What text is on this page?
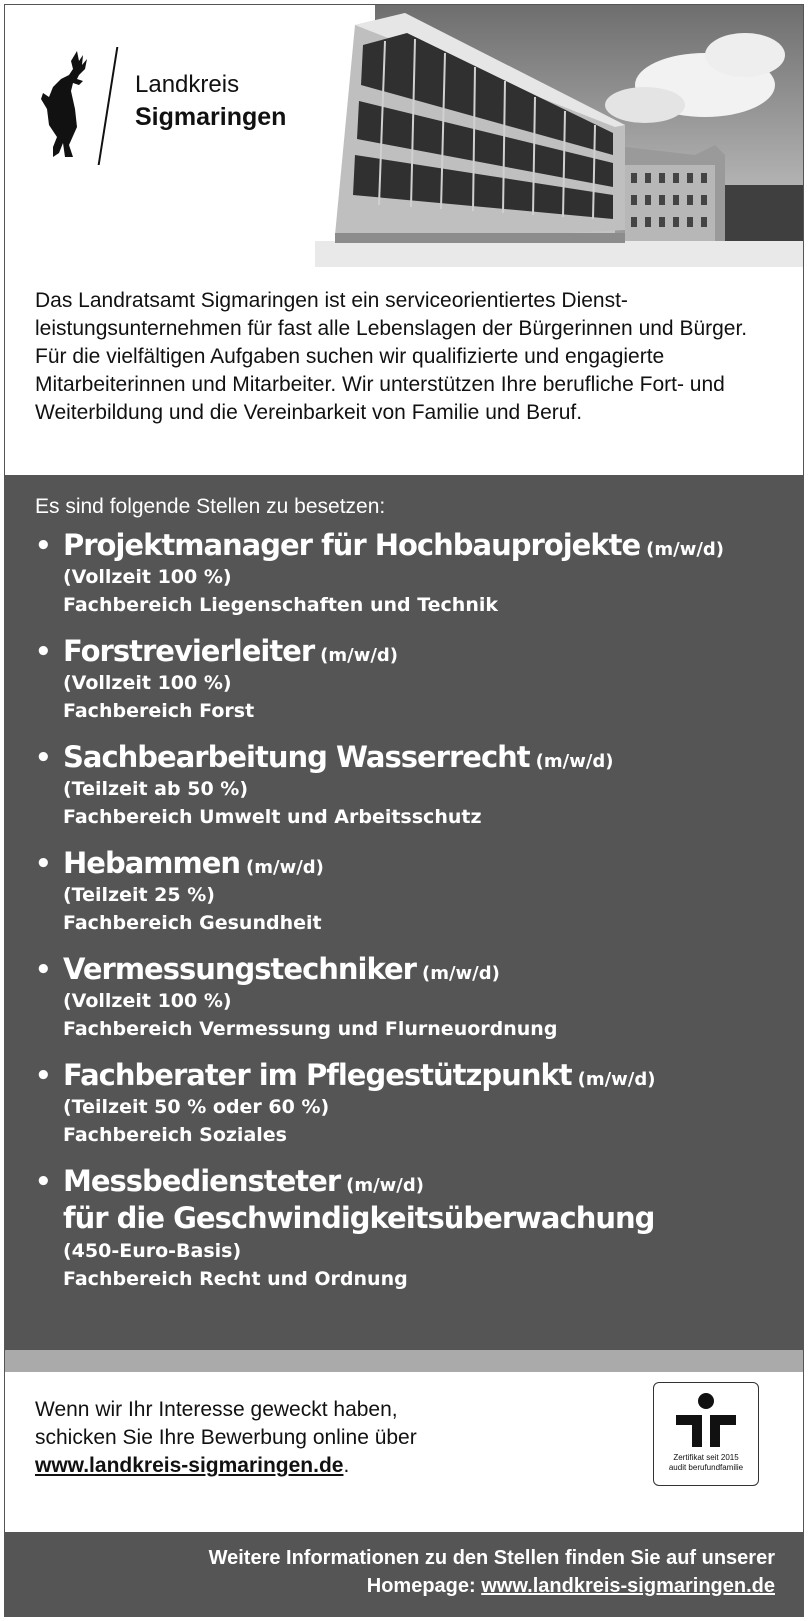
Landkreis
Sigmaringen
Das Landratsamt Sigmaringen ist ein serviceorientiertes Dienst-leistungsunternehmen für fast alle Lebenslagen der Bürgerinnen und Bürger. Für die vielfältigen Aufgaben suchen wir qualifizierte und engagierte Mitarbeiterinnen und Mitarbeiter. Wir unterstützen Ihre berufliche Fort- und Weiterbildung und die Vereinbarkeit von Familie und Beruf.
Es sind folgende Stellen zu besetzen:
• Projektmanager für Hochbauprojekte (m/w/d)
(Vollzeit 100 %)
Fachbereich Liegenschaften und Technik
• Forstrevierleiter (m/w/d)
(Vollzeit 100 %)
Fachbereich Forst
• Sachbearbeitung Wasserrecht (m/w/d)
(Teilzeit ab 50 %)
Fachbereich Umwelt und Arbeitsschutz
• Hebammen (m/w/d)
(Teilzeit 25 %)
Fachbereich Gesundheit
• Vermessungstechniker (m/w/d)
(Vollzeit 100 %)
Fachbereich Vermessung und Flurneuordnung
• Fachberater im Pflegestützpunkt (m/w/d)
(Teilzeit 50 % oder 60 %)
Fachbereich Soziales
• Messbediensteter (m/w/d)
für die Geschwindigkeitsüberwachung
(450-Euro-Basis)
Fachbereich Recht und Ordnung
Wenn wir Ihr Interesse geweckt haben,
schicken Sie Ihre Bewerbung online über
www.landkreis-sigmaringen.de.	Zertifikat seit 2015
audit berufundfamilie
Weitere Informationen zu den Stellen finden Sie auf unserer
Homepage: www.landkreis-sigmaringen.de
